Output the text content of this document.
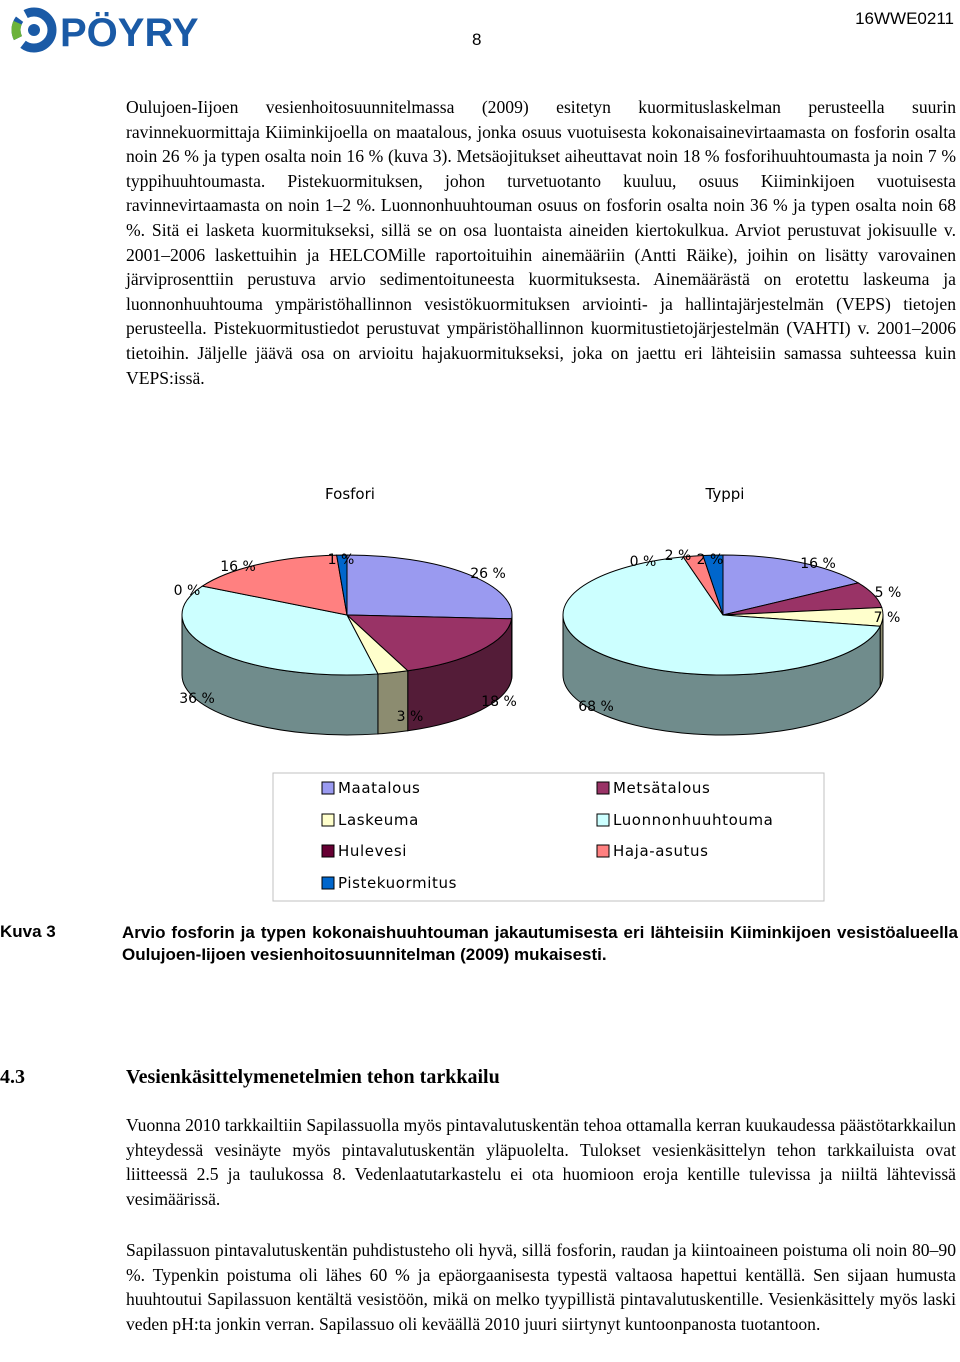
PÖYRY	8
16WWE0211

Oulujoen-Iijoen vesienhoitosuunnitelmassa (2009) esitetyn kuormituslaskelman perusteella suurin ravinnekuormittaja Kiiminkijoella on maatalous, jonka osuus vuotuisesta kokonaisainevirtaamasta on fosforin osalta noin 26 % ja typen osalta noin 16 % (kuva 3). Metsäojitukset aiheuttavat noin 18 % fosforihuuhtoumasta ja noin 7 % typpihuuhtoumasta. Pistekuormituksen, johon turvetuotanto kuuluu, osuus Kiiminkijoen vuotuisesta ravinnevirtaamasta on noin 1–2 %. Luonnonhuuhtouman osuus on fosforin osalta noin 36 % ja typen osalta noin 68 %. Sitä ei lasketa kuormitukseksi, sillä se on osa luontaista aineiden kiertokulkua. Arviot perustuvat jokisuulle v. 2001–2006 laskettuihin ja HELCOMille raportoituihin ainemääriin (Antti Räike), joihin on lisätty varovainen järviprosenttiin perustuva arvio sedimentoituneesta kuormituksesta. Ainemäärästä on erotettu laskeuma ja luonnonhuuhtouma ympäristöhallinnon vesistökuormituksen arviointi- ja hallintajärjestelmän (VEPS) tietojen perusteella. Pistekuormitustiedot perustuvat ympäristöhallinnon kuormitustietojärjestelmän (VAHTI) v. 2001–2006 tietoihin. Jäljelle jäävä osa on arvioitu hajakuormitukseksi, joka on jaettu eri lähteisiin samassa suhteessa kuin VEPS:issä.

Fosfori	Typpi
26 %
18 %
3 %
36 %
0 %
16 %	1 %	16 %
7 %
5 %
68 %
0 %	2 %
2 %
Maatalous	Metsätalous
Laskeuma	Luonnonhuuhtouma
Hulevesi	Haja-asutus
Pistekuormitus
Kuva 3	Arvio fosforin ja typen kokonaishuuhtouman jakautumisesta eri lähteisiin Kiiminkijoen vesistöalueella Oulujoen-Iijoen vesienhoitosuunnitelman (2009) mukaisesti.

4.3	Vesienkäsittelymenetelmien tehon tarkkailu

Vuonna 2010 tarkkailtiin Sapilassuolla myös pintavalutuskentän tehoa ottamalla kerran kuukaudessa päästötarkkailun yhteydessä vesinäyte myös pintavalutuskentän yläpuolelta. Tulokset vesienkäsittelyn tehon tarkkailuista ovat liitteessä 2.5 ja taulukossa 8. Vedenlaatutarkastelu ei ota huomioon eroja kentille tulevissa ja niiltä lähtevissä vesimäärissä.

Sapilassuon pintavalutuskentän puhdistusteho oli hyvä, sillä fosforin, raudan ja kiintoaineen poistuma oli noin 80–90 %. Typenkin poistuma oli lähes 60 % ja epäorgaanisesta typestä valtaosa hapettui kentällä. Sen sijaan humusta huuhtoutui Sapilassuon kentältä vesistöön, mikä on melko tyypillistä pintavalutuskentille. Vesienkäsittely myös laski veden pH:ta jonkin verran. Sapilassuo oli keväällä 2010 juuri siirtynyt kuntoonpanosta tuotantoon.
